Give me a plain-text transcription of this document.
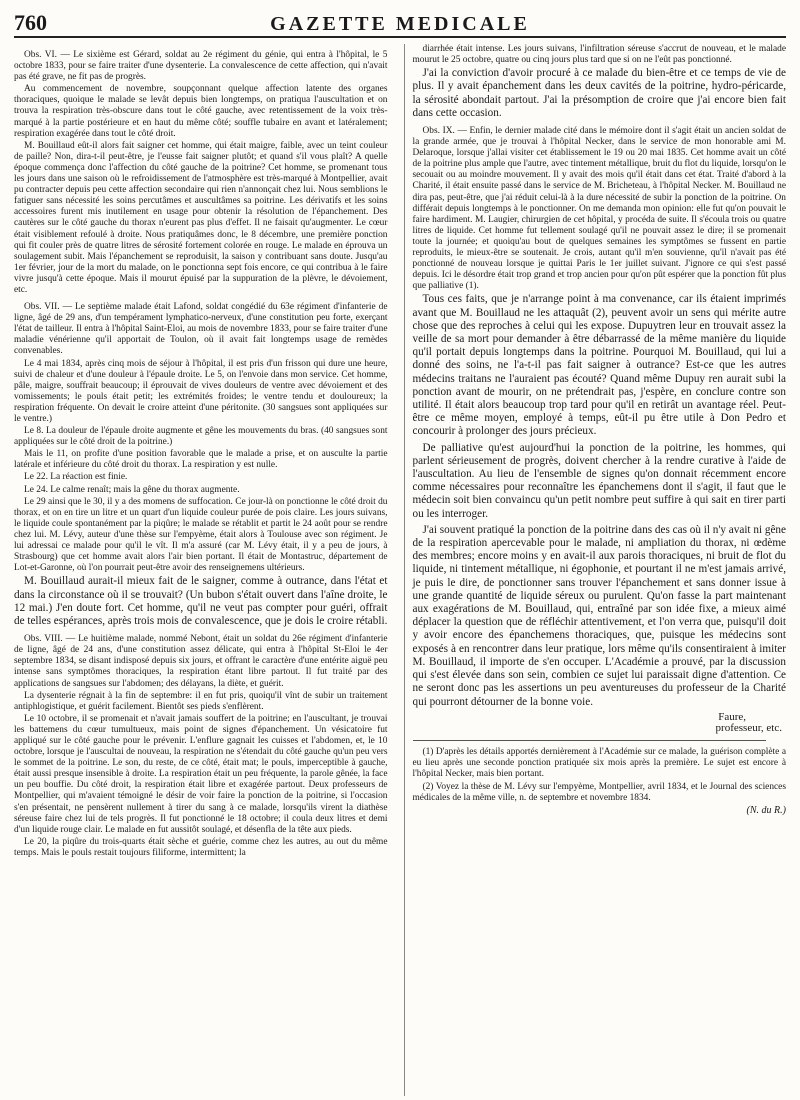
760	GAZETTE MEDICALE

Obs. VI. — Le sixième est Gérard, soldat au 2e régiment du génie, qui entra à l'hôpital, le 5 octobre 1833, pour se faire traiter d'une dysenterie. La convalescence de cette affection, qui n'avait pas été grave, ne fit pas de progrès.

Au commencement de novembre, soupçonnant quelque affection latente des organes thoraciques, quoique le malade se levât depuis bien longtemps, on pratiqua l'auscultation et on trouva la respiration très-obscure dans tout le côté gauche, avec retentissement de la voix très-marqué à la partie postérieure et en haut du même côté; souffle tubaire en avant et latéralement; respiration exagérée dans tout le côté droit.

M. Bouillaud eût-il alors fait saigner cet homme, qui était maigre, faible, avec un teint couleur de paille? Non, dira-t-il peut-être, je l'eusse fait saigner plutôt; et quand s'il vous plaît? A quelle époque commença donc l'affection du côté gauche de la poitrine? Cet homme, se promenant tous les jours dans une saison où le refroidissement de l'atmosphère est très-marqué à Montpellier, avait pu contracter depuis peu cette affection secondaire qui rien n'annonçait chez lui. Nous semblions le fatiguer sans nécessité les soins percutâmes et auscultâmes sa poitrine. Les dérivatifs et les soins accessoires furent mis inutilement en usage pour obtenir la résolution de l'épanchement. Des cautères sur le côté gauche du thorax n'eurent pas plus d'effet. Il ne faisait qu'augmenter. Le cœur était visiblement refoulé à droite. Nous pratiquâmes donc, le 8 décembre, une première ponction qui fit couler près de quatre litres de sérosité fortement colorée en rouge. Le malade en éprouva un soulagement subit. Mais l'épanchement se reproduisit, la saison y contribuant sans doute. Jusqu'au 1er février, jour de la mort du malade, on le ponctionna sept fois encore, ce qui contribua à le faire vivre jusqu'à cette époque. Mais il mourut épuisé par la suppuration de la plèvre, le dévoiement, etc.

Obs. VII. — Le septième malade était Lafond, soldat congédié du 63e régiment d'infanterie de ligne, âgé de 29 ans, d'un tempérament lymphatico-nerveux, d'une constitution peu forte, exerçant l'état de tailleur. Il entra à l'hôpital Saint-Eloi, au mois de novembre 1833, pour se faire traiter d'une maladie vénérienne qu'il apportait de Toulon, où il avait fait longtemps usage de remèdes convenables.

Le 4 mai 1834, après cinq mois de séjour à l'hôpital, il est pris d'un frisson qui dure une heure, suivi de chaleur et d'une douleur à l'épaule droite. Le 5, on l'envoie dans mon service. Cet homme, pâle, maigre, souffrait beaucoup; il éprouvait de vives douleurs de ventre avec dévoiement et des vomissements; le pouls était petit; les extrémités froides; le ventre tendu et douloureux; la respiration fréquente. On devait le croire atteint d'une péritonite. (30 sangsues sont appliquées sur le ventre.)

Le 8. La douleur de l'épaule droite augmente et gêne les mouvements du bras. (40 sangsues sont appliquées sur le côté droit de la poitrine.)

Mais le 11, on profite d'une position favorable que le malade a prise, et on ausculte la partie latérale et inférieure du côté droit du thorax. La respiration y est nulle.

Le 22. La réaction est finie.

Le 24. Le calme renaît; mais la gêne du thorax augmente.

Le 29 ainsi que le 30, il y a des momens de suffocation. Ce jour-là on ponctionne le côté droit du thorax, et on en tire un litre et un quart d'un liquide couleur purée de pois claire. Les jours suivans, le liquide coule spontanément par la piqûre; le malade se rétablit et partit le 24 août pour se rendre chez lui. M. Lévy, auteur d'une thèse sur l'empyème, était alors à Toulouse avec son régiment. Je lui adressai ce malade pour qu'il le vît. Il m'a assuré (car M. Lévy était, il y a peu de jours, à Strasbourg) que cet homme avait alors l'air bien portant. Il était de Montastruc, département de Lot-et-Garonne, où l'on pourrait peut-être avoir des renseignemens ultérieurs.

M. Bouillaud aurait-il mieux fait de le saigner, comme à outrance, dans l'état et dans la circonstance où il se trouvait? (Un bubon s'était ouvert dans l'aîne droite, le 12 mai.) J'en doute fort. Cet homme, qu'il ne veut pas compter pour guéri, offrait de telles espérances, après trois mois de convalescence, que je dois le croire rétabli.

Obs. VIII. — Le huitième malade, nommé Nebont, était un soldat du 26e régiment d'infanterie de ligne, âgé de 24 ans, d'une constitution assez délicate, qui entra à l'hôpital St-Eloi le 4er septembre 1834, se disant indisposé depuis six jours, et offrant le caractère d'une entérite aiguë peu intense sans symptômes thoraciques, la respiration étant libre partout. Il fut traité par des applications de sangsues sur l'abdomen; des délayans, la diète, et guérit.

La dysenterie régnait à la fin de septembre: il en fut pris, quoiqu'il vînt de subir un traitement antiphlogistique, et guérit facilement. Bientôt ses pieds s'enflèrent.

Le 10 octobre, il se promenait et n'avait jamais souffert de la poitrine; en l'auscultant, je trouvai les battemens du cœur tumultueux, mais point de signes d'épanchement. Un vésicatoire fut appliqué sur le côté gauche pour le prévenir. L'enflure gagnait les cuisses et l'abdomen, et, le 10 octobre, lorsque je l'auscultai de nouveau, la respiration ne s'étendait du côté gauche qu'un peu vers le sommet de la poitrine. Le son, du reste, de ce côté, était mat; le pouls, imperceptible à gauche, était aussi presque insensible à droite. La respiration était un peu fréquente, la parole gênée, la face un peu bouffie. Du côté droit, la respiration était libre et exagérée partout. Deux professeurs de Montpellier, qui m'avaient témoigné le désir de voir faire la ponction de la poitrine, si l'occasion s'en présentait, ne pensèrent nullement à tirer du sang à ce malade, lorsqu'ils virent la diathèse séreuse faire chez lui de tels progrès. Il fut ponctionné le 18 octobre; il coula deux litres et demi d'un liquide rouge clair. Le malade en fut aussitôt soulagé, et désenfla de la tête aux pieds.

Le 20, la piqûre du trois-quarts était sèche et guérie, comme chez les autres, au out du même temps. Mais le pouls restait toujours filiforme, intermittent; la

diarrhée était intense. Les jours suivans, l'infiltration séreuse s'accrut de nouveau, et le malade mourut le 25 octobre, quatre ou cinq jours plus tard que si on ne l'eût pas ponctionné.

J'ai la conviction d'avoir procuré à ce malade du bien-être et ce temps de vie de plus. Il y avait épanchement dans les deux cavités de la poitrine, hydro-péricarde, la sérosité abondait partout. J'ai la présomption de croire que j'ai encore bien fait dans cette occasion.

Obs. IX. — Enfin, le dernier malade cité dans le mémoire dont il s'agit était un ancien soldat de la grande armée, que je trouvai à l'hôpital Necker, dans le service de mon honorable ami M. Delaroque, lorsque j'allai visiter cet établissement le 19 ou 20 mai 1835. Cet homme avait un côté de la poitrine plus ample que l'autre, avec tintement métallique, bruit du flot du liquide, lorsqu'on le secouait ou au moindre mouvement. Il y avait des mois qu'il était dans cet état. Traité d'abord à la Charité, il était ensuite passé dans le service de M. Bricheteau, à l'hôpital Necker. M. Bouillaud ne dira pas, peut-être, que j'ai réduit celui-là à la dure nécessité de subir la ponction de la poitrine. On différait depuis longtemps à le ponctionner. On me demanda mon opinion: elle fut qu'on pouvait le faire hardiment. M. Laugier, chirurgien de cet hôpital, y procéda de suite. Il s'écoula trois ou quatre litres de liquide. Cet homme fut tellement soulagé qu'il ne pouvait assez le dire; il se promenait toute la journée; et quoiqu'au bout de quelques semaines les symptômes se fussent en partie reproduits, le mieux-être se soutenait. Je crois, autant qu'il m'en souvienne, qu'il n'avait pas été ponctionné de nouveau lorsque je quittai Paris le 1er juillet suivant. J'ignore ce qui s'est passé depuis. Ici le désordre était trop grand et trop ancien pour qu'on pût espérer que la ponction fût plus que palliative (1).

Tous ces faits, que je n'arrange point à ma convenance, car ils étaient imprimés avant que M. Bouillaud ne les attaquât (2), peuvent avoir un sens qui mérite autre chose que des reproches à celui qui les expose. Dupuytren leur en trouvait assez la veille de sa mort pour demander à être débarrassé de la même manière du liquide qu'il portait depuis longtemps dans la poitrine. Pourquoi M. Bouillaud, qui lui a donné des soins, ne l'a-t-il pas fait saigner à outrance? Est-ce que les autres médecins traitans ne l'auraient pas écouté? Quand même Dupuy ren aurait subi la ponction avant de mourir, on ne prétendrait pas, j'espère, en conclure contre son utilité. Il était alors beaucoup trop tard pour qu'il en retirât un avantage réel. Peut-être ce même moyen, employé à temps, eût-il pu être utile à Don Pedro et concourir à prolonger des jours précieux.

De palliative qu'est aujourd'hui la ponction de la poitrine, les hommes, qui parlent sérieusement de progrès, doivent chercher à la rendre curative à l'aide de l'auscultation. Au lieu de l'ensemble de signes qu'on donnait récemment encore comme nécessaires pour reconnaître les épanchemens dont il s'agit, il faut que le médecin soit bien convaincu qu'un petit nombre peut suffire à qui sait en tirer parti ou les interroger.

J'ai souvent pratiqué la ponction de la poitrine dans des cas où il n'y avait ni gêne de la respiration apercevable pour le malade, ni ampliation du thorax, ni œdème des membres; encore moins y en avait-il aux parois thoraciques, ni bruit de flot du liquide, ni tintement métallique, ni égophonie, et pourtant il ne m'est jamais arrivé, je puis le dire, de ponctionner sans trouver l'épanchement et sans donner issue à une grande quantité de liquide séreux ou purulent. Qu'on fasse la part maintenant aux exagérations de M. Bouillaud, qui, entraîné par son idée fixe, a mieux aimé déplacer la question que de réfléchir attentivement, et l'on verra que, puisqu'il doit y avoir encore des épanchemens thoraciques, que, puisque les médecins sont exposés à en rencontrer dans leur pratique, lors même qu'ils consentiraient à imiter M. Bouillaud, il importe de s'en occuper. L'Académie a prouvé, par la discussion qui s'est élevée dans son sein, combien ce sujet lui paraissait digne d'attention. Ce ne seront donc pas les assertions un peu aventureuses du professeur de la Charité qui pourront détourner de la bonne voie.

Faure,
professeur, etc.

(1) D'après les détails apportés dernièrement à l'Académie sur ce malade, la guérison complète a eu lieu après une seconde ponction pratiquée six mois après la première. Le sujet est encore à l'hôpital Necker, mais bien portant.

(2) Voyez la thèse de M. Lévy sur l'empyème, Montpellier, avril 1834, et le Journal des sciences médicales de la même ville, n. de septembre et novembre 1834.

(N. du R.)
